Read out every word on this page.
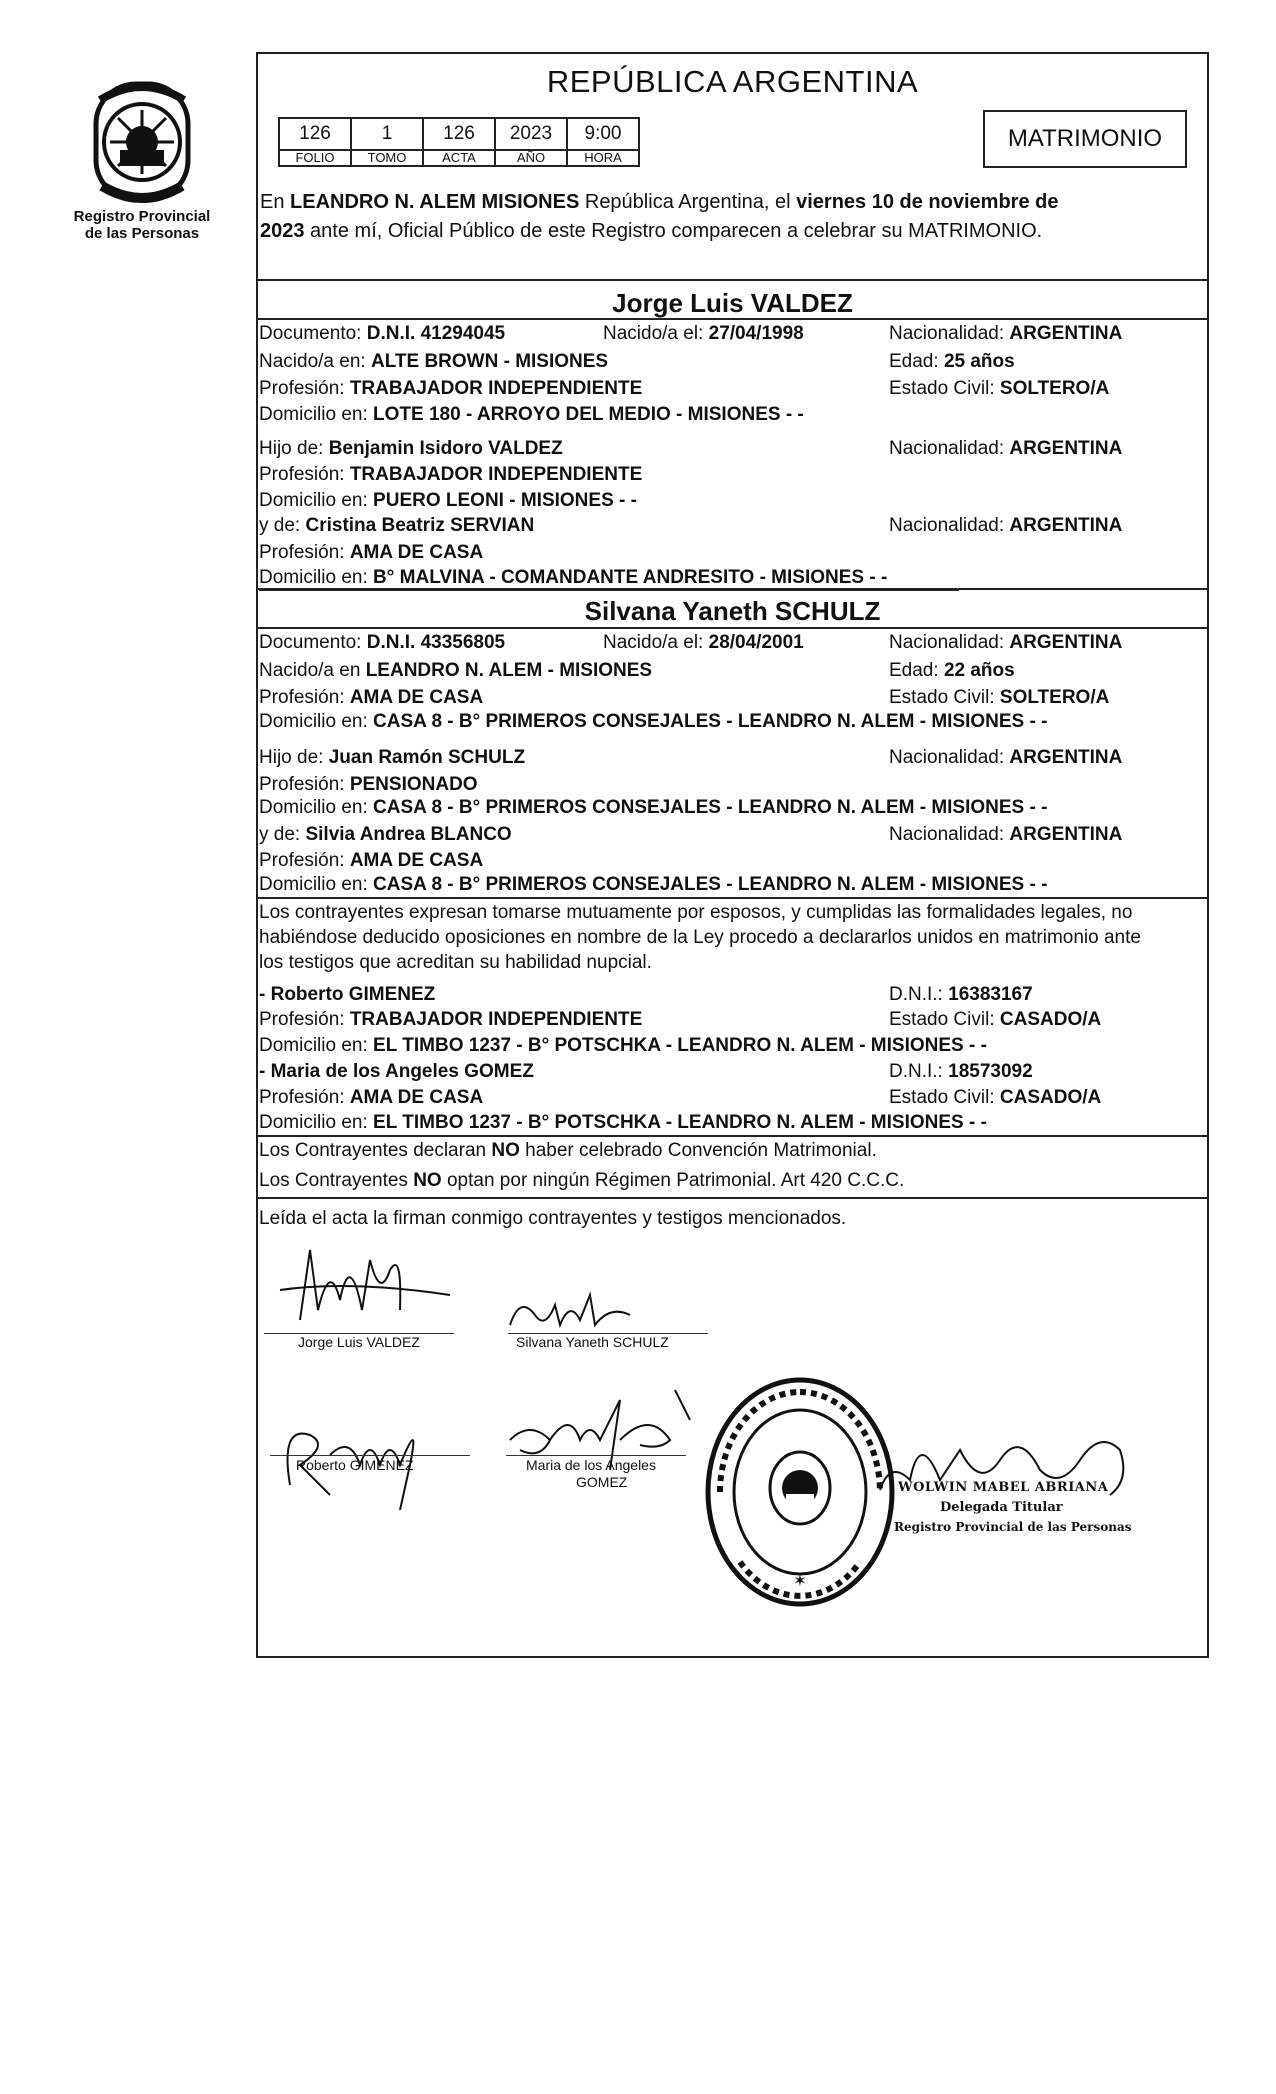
Registro Provincial
de las Personas
REPÚBLICA ARGENTINA
126	1	126	2023	9:00
FOLIO	TOMO	ACTA	AÑO	HORA
MATRIMONIO
En LEANDRO N. ALEM MISIONES República Argentina, el viernes 10 de noviembre de
2023 ante mí, Oficial Público de este Registro comparecen a celebrar su MATRIMONIO.
Jorge Luis VALDEZ
Documento: D.N.I. 41294045	Nacido/a el: 27/04/1998	Nacionalidad: ARGENTINA
Nacido/a en: ALTE BROWN - MISIONES	Edad: 25 años
Profesión: TRABAJADOR INDEPENDIENTE	Estado Civil: SOLTERO/A
Domicilio en: LOTE 180 - ARROYO DEL MEDIO - MISIONES - -
Hijo de: Benjamin Isidoro VALDEZ	Nacionalidad: ARGENTINA
Profesión: TRABAJADOR INDEPENDIENTE
Domicilio en: PUERO LEONI - MISIONES - -
y de: Cristina Beatriz SERVIAN	Nacionalidad: ARGENTINA
Profesión: AMA DE CASA
Domicilio en: B° MALVINA - COMANDANTE ANDRESITO - MISIONES - -
Silvana Yaneth SCHULZ
Documento: D.N.I. 43356805	Nacido/a el: 28/04/2001	Nacionalidad: ARGENTINA
Nacido/a en LEANDRO N. ALEM - MISIONES	Edad: 22 años
Profesión: AMA DE CASA	Estado Civil: SOLTERO/A
Domicilio en: CASA 8 - B° PRIMEROS CONSEJALES - LEANDRO N. ALEM - MISIONES - -
Hijo de: Juan Ramón SCHULZ	Nacionalidad: ARGENTINA
Profesión: PENSIONADO
Domicilio en: CASA 8 - B° PRIMEROS CONSEJALES - LEANDRO N. ALEM - MISIONES - -
y de: Silvia Andrea BLANCO	Nacionalidad: ARGENTINA
Profesión: AMA DE CASA
Domicilio en: CASA 8 - B° PRIMEROS CONSEJALES - LEANDRO N. ALEM - MISIONES - -
Los contrayentes expresan tomarse mutuamente por esposos, y cumplidas las formalidades legales, no
habiéndose deducido oposiciones en nombre de la Ley procedo a declararlos unidos en matrimonio ante
los testigos que acreditan su habilidad nupcial.
- Roberto GIMENEZ	D.N.I.: 16383167
Profesión: TRABAJADOR INDEPENDIENTE	Estado Civil: CASADO/A
Domicilio en: EL TIMBO 1237 - B° POTSCHKA - LEANDRO N. ALEM - MISIONES - -
- Maria de los Angeles GOMEZ	D.N.I.: 18573092
Profesión: AMA DE CASA	Estado Civil: CASADO/A
Domicilio en: EL TIMBO 1237 - B° POTSCHKA - LEANDRO N. ALEM - MISIONES - -
Los Contrayentes declaran NO haber celebrado Convención Matrimonial.
Los Contrayentes NO optan por ningún Régimen Patrimonial. Art 420 C.C.C.
Leída el acta la firman conmigo contrayentes y testigos mencionados.
Jorge Luis VALDEZ	Silvana Yaneth SCHULZ
Roberto GIMENEZ	Maria de los Angeles
GOMEZ
✶
WOLWIN MABEL ABRIANA
Delegada Titular
Registro Provincial de las Personas
